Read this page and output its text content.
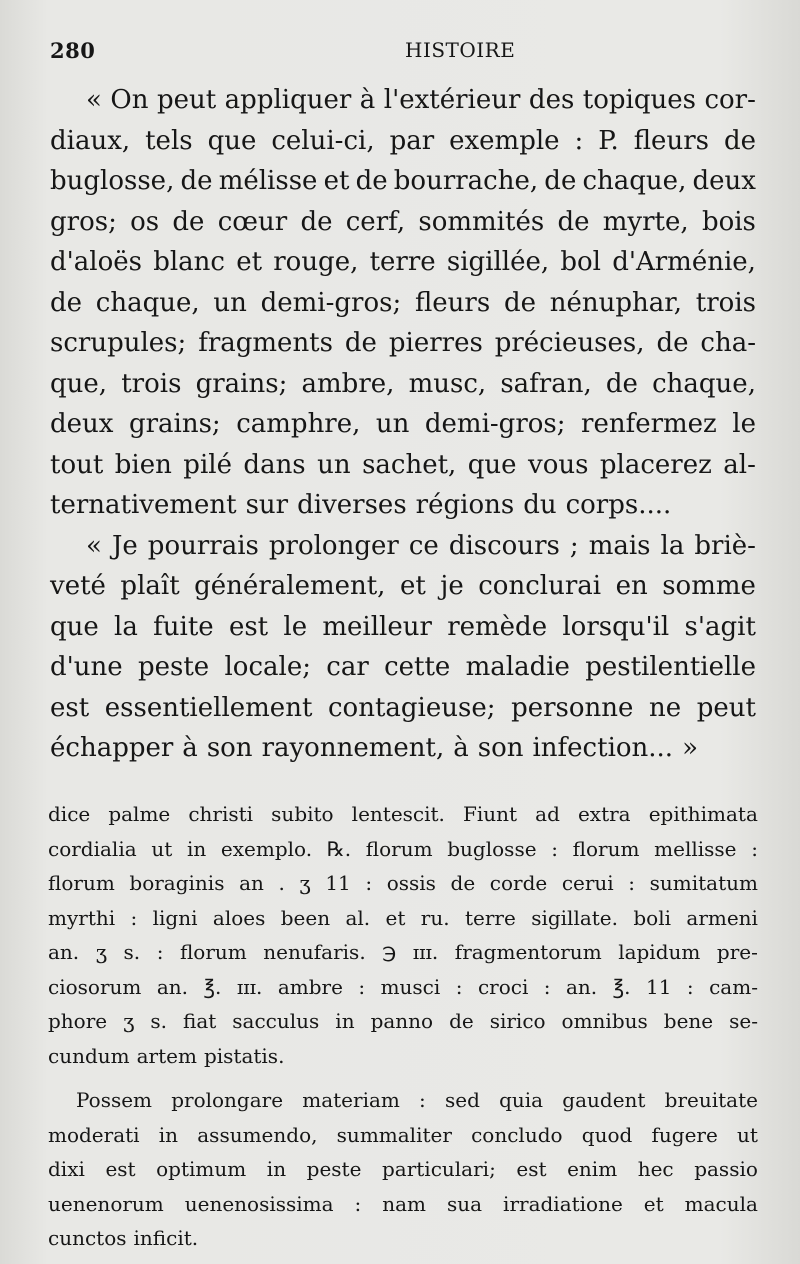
280	HISTOIRE
« On peut appliquer à l'extérieur des topiques cor-
diaux, tels que celui-ci, par exemple : P. fleurs de
buglosse, de mélisse et de bourrache, de chaque, deux
gros; os de cœur de cerf, sommités de myrte, bois
d'aloës blanc et rouge, terre sigillée, bol d'Arménie,
de chaque, un demi-gros; fleurs de nénuphar, trois
scrupules; fragments de pierres précieuses, de cha-
que, trois grains; ambre, musc, safran, de chaque,
deux grains; camphre, un demi-gros; renfermez le
tout bien pilé dans un sachet, que vous placerez al-
ternativement sur diverses régions du corps....
« Je pourrais prolonger ce discours ; mais la briè-
veté plaît généralement, et je conclurai en somme
que la fuite est le meilleur remède lorsqu'il s'agit
d'une peste locale; car cette maladie pestilentielle
est essentiellement contagieuse; personne ne peut
échapper à son rayonnement, à son infection... »
dice palme christi subito lentescit. Fiunt ad extra epithimata
cordialia ut in exemplo. ℞. florum buglosse : florum mellisse :
florum boraginis an . ʒ 11 : ossis de corde cerui : sumitatum
myrthi : ligni aloes been al. et ru. terre sigillate. boli armeni
an. ʒ s. : florum nenufaris. ℈ ɪɪɪ. fragmentorum lapidum pre-
ciosorum an. ℥. ɪɪɪ. ambre : musci : croci : an. ℥. 11 : cam-
phore ʒ s. fiat sacculus in panno de sirico omnibus bene se-
cundum artem pistatis.
Possem prolongare materiam : sed quia gaudent breuitate
moderati in assumendo, summaliter concludo quod fugere ut
dixi est optimum in peste particulari; est enim hec passio
uenenorum uenenosissima : nam sua irradiatione et macula
cunctos inficit.
